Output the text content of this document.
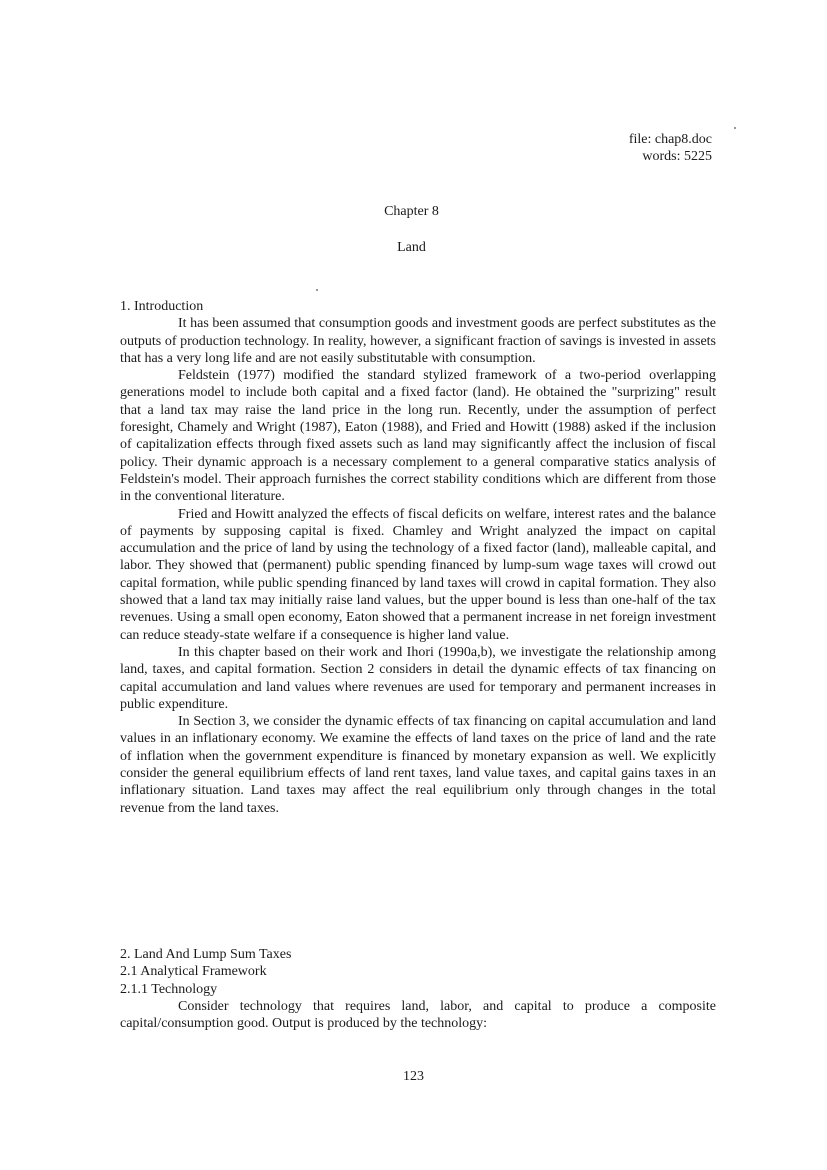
file: chap8.doc
words: 5225
Chapter 8
Land

1. Introduction

It has been assumed that consumption goods and investment goods are perfect substitutes as the outputs of production technology. In reality, however, a significant fraction of savings is invested in assets that has a very long life and are not easily substitutable with consumption.

Feldstein (1977) modified the standard stylized framework of a two-period overlapping generations model to include both capital and a fixed factor (land). He obtained the "surprizing" result that a land tax may raise the land price in the long run. Recently, under the assumption of perfect foresight, Chamely and Wright (1987), Eaton (1988), and Fried and Howitt (1988) asked if the inclusion of capitalization effects through fixed assets such as land may significantly affect the inclusion of fiscal policy. Their dynamic approach is a necessary complement to a general comparative statics analysis of Feldstein's model. Their approach furnishes the correct stability conditions which are different from those in the conventional literature.

Fried and Howitt analyzed the effects of fiscal deficits on welfare, interest rates and the balance of payments by supposing capital is fixed. Chamley and Wright analyzed the impact on capital accumulation and the price of land by using the technology of a fixed factor (land), malleable capital, and labor. They showed that (permanent) public spending financed by lump-sum wage taxes will crowd out capital formation, while public spending financed by land taxes will crowd in capital formation. They also showed that a land tax may initially raise land values, but the upper bound is less than one-half of the tax revenues. Using a small open economy, Eaton showed that a permanent increase in net foreign investment can reduce steady-state welfare if a consequence is higher land value.

In this chapter based on their work and Ihori (1990a,b), we investigate the relationship among land, taxes, and capital formation. Section 2 considers in detail the dynamic effects of tax financing on capital accumulation and land values where revenues are used for temporary and permanent increases in public expenditure.

In Section 3, we consider the dynamic effects of tax financing on capital accumulation and land values in an inflationary economy. We examine the effects of land taxes on the price of land and the rate of inflation when the government expenditure is financed by monetary expansion as well. We explicitly consider the general equilibrium effects of land rent taxes, land value taxes, and capital gains taxes in an inflationary situation. Land taxes may affect the real equilibrium only through changes in the total revenue from the land taxes.

2. Land And Lump Sum Taxes

2.1 Analytical Framework

2.1.1 Technology

Consider technology that requires land, labor, and capital to produce a composite capital/consumption good. Output is produced by the technology:

123
